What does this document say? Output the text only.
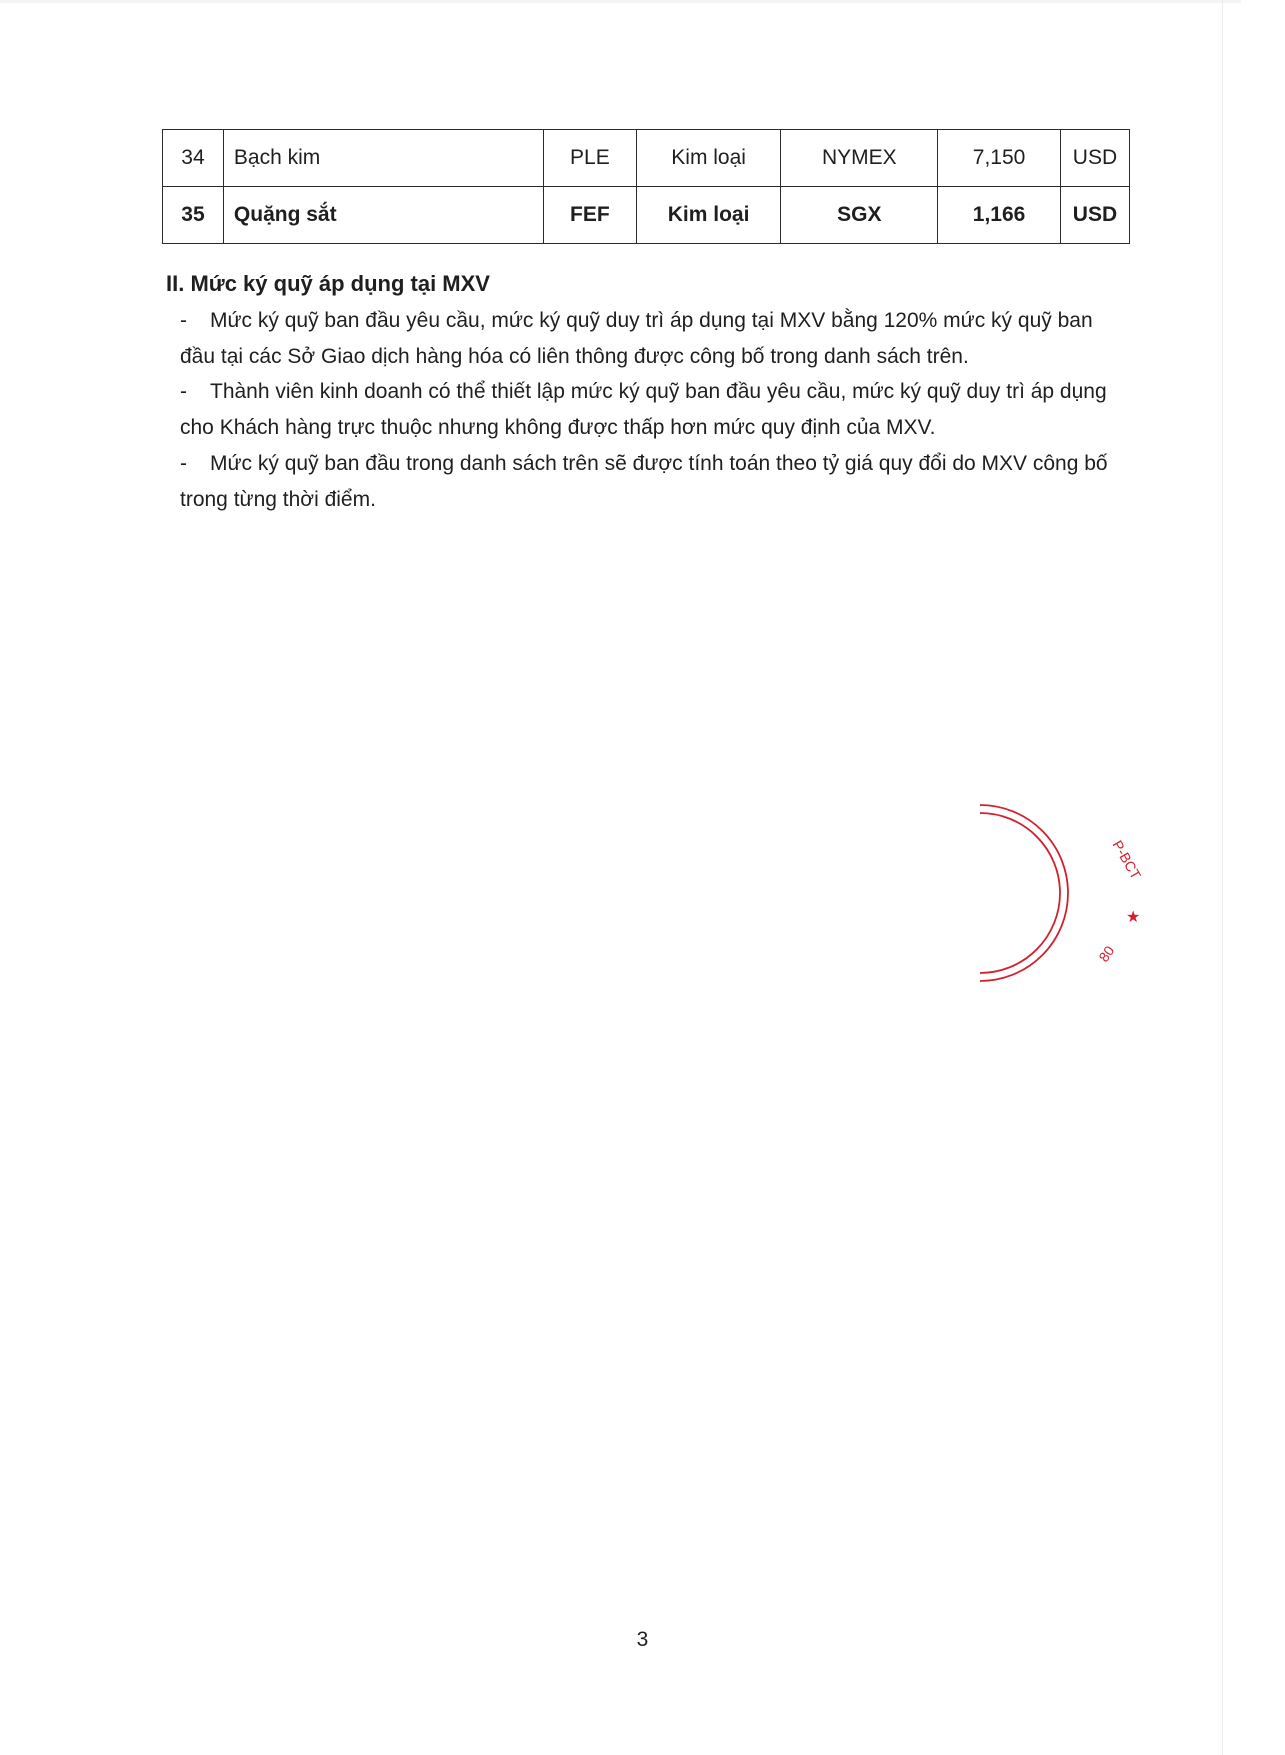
34	Bạch kim	PLE	Kim loại	NYMEX	7,150	USD
35	Quặng sắt	FEF	Kim loại	SGX	1,166	USD
II. Mức ký quỹ áp dụng tại MXV

- Mức ký quỹ ban đầu yêu cầu, mức ký quỹ duy trì áp dụng tại MXV bằng 120% mức ký quỹ ban đầu tại các Sở Giao dịch hàng hóa có liên thông được công bố trong danh sách trên.

- Thành viên kinh doanh có thể thiết lập mức ký quỹ ban đầu yêu cầu, mức ký quỹ duy trì áp dụng cho Khách hàng trực thuộc nhưng không được thấp hơn mức quy định của MXV.

- Mức ký quỹ ban đầu trong danh sách trên sẽ được tính toán theo tỷ giá quy đổi do MXV công bố trong từng thời điểm.

P-BCT
★
80
3
